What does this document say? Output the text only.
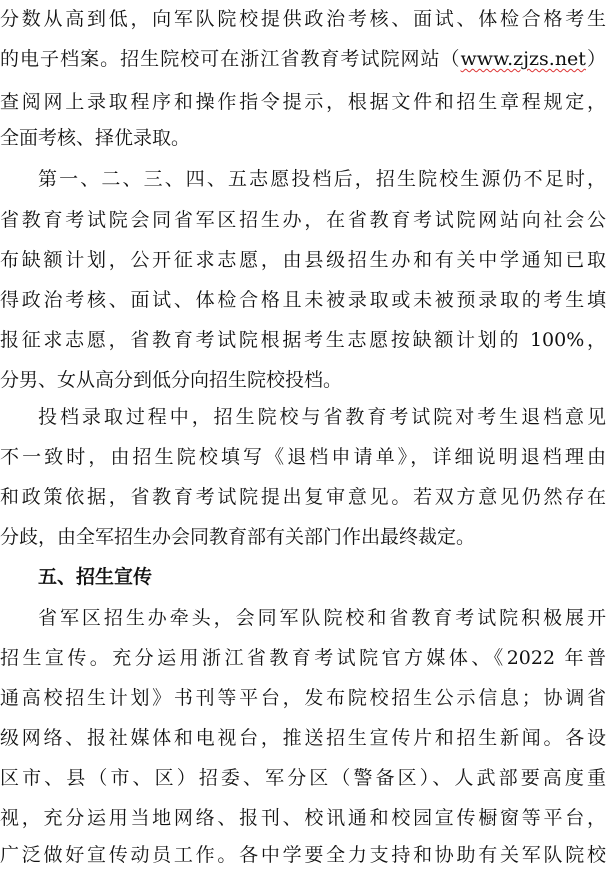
分数从高到低，向军队院校提供政治考核、面试、体检合格考生
的电子档案。招生院校可在浙江省教育考试院网站（www.zjzs.net）
查阅网上录取程序和操作指令提示，根据文件和招生章程规定，
全面考核、择优录取。
第一、二、三、四、五志愿投档后，招生院校生源仍不足时，
省教育考试院会同省军区招生办，在省教育考试院网站向社会公
布缺额计划，公开征求志愿，由县级招生办和有关中学通知已取
得政治考核、面试、体检合格且未被录取或未被预录取的考生填
报征求志愿，省教育考试院根据考生志愿按缺额计划的 100%，
分男、女从高分到低分向招生院校投档。
投档录取过程中，招生院校与省教育考试院对考生退档意见
不一致时，由招生院校填写《退档申请单》，详细说明退档理由
和政策依据，省教育考试院提出复审意见。若双方意见仍然存在
分歧，由全军招生办会同教育部有关部门作出最终裁定。
五、招生宣传
省军区招生办牵头，会同军队院校和省教育考试院积极展开
招生宣传。充分运用浙江省教育考试院官方媒体、《2022 年普
通高校招生计划》书刊等平台，发布院校招生公示信息；协调省
级网络、报社媒体和电视台，推送招生宣传片和招生新闻。各设
区市、县（市、区）招委、军分区（警备区）、人武部要高度重
视，充分运用当地网络、报刊、校讯通和校园宣传橱窗等平台，
广泛做好宣传动员工作。各中学要全力支持和协助有关军队院校
